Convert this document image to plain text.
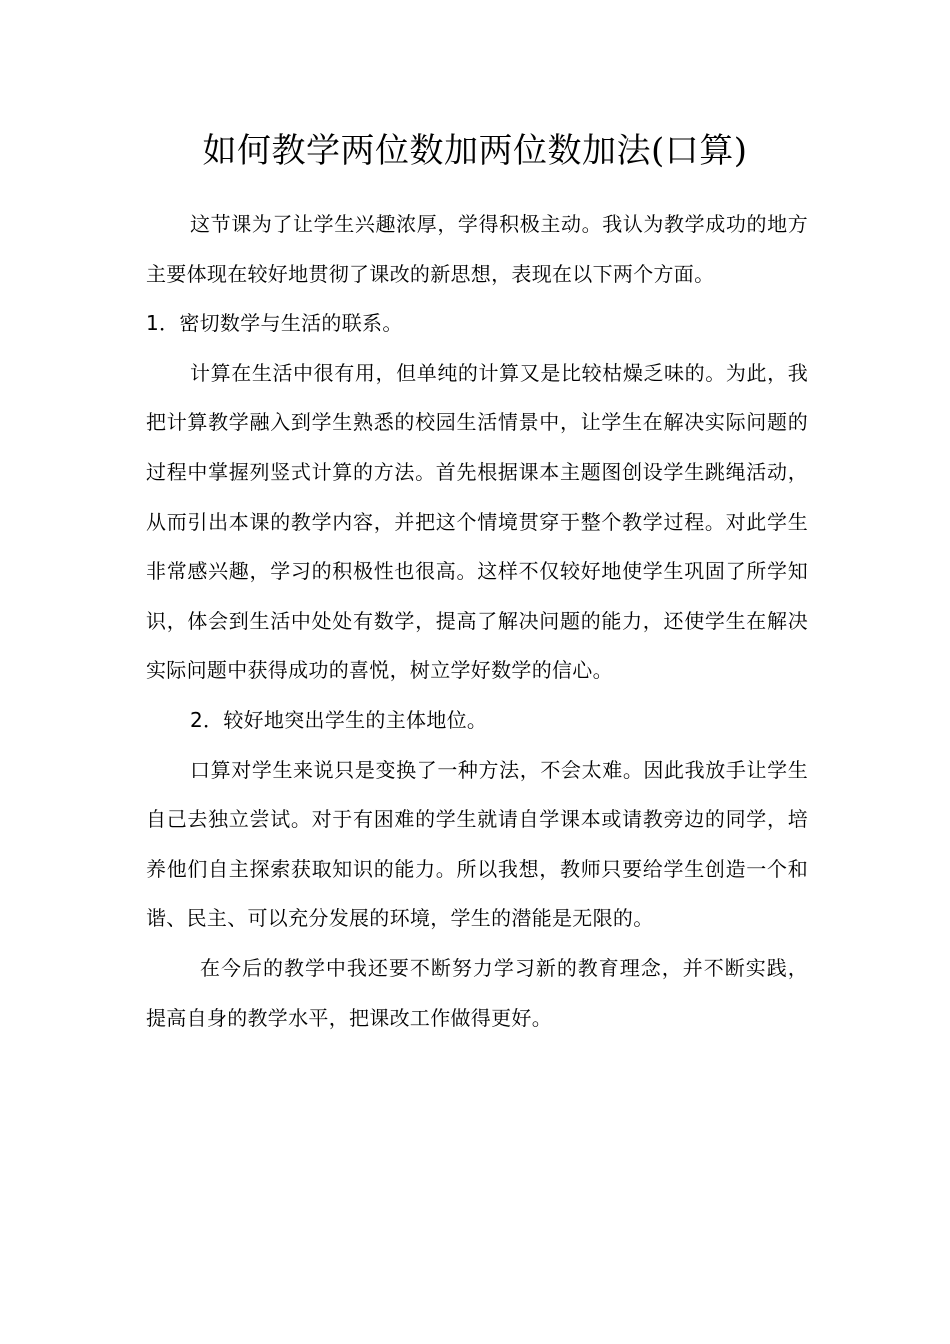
如何教学两位数加两位数加法(口算)

这节课为了让学生兴趣浓厚，学得积极主动。我认为教学成功的地方主要体现在较好地贯彻了课改的新思想，表现在以下两个方面。

1．密切数学与生活的联系。

计算在生活中很有用，但单纯的计算又是比较枯燥乏味的。为此，我把计算教学融入到学生熟悉的校园生活情景中，让学生在解决实际问题的过程中掌握列竖式计算的方法。首先根据课本主题图创设学生跳绳活动，从而引出本课的教学内容，并把这个情境贯穿于整个教学过程。对此学生非常感兴趣，学习的积极性也很高。这样不仅较好地使学生巩固了所学知识，体会到生活中处处有数学，提高了解决问题的能力，还使学生在解决实际问题中获得成功的喜悦，树立学好数学的信心。

2．较好地突出学生的主体地位。

口算对学生来说只是变换了一种方法，不会太难。因此我放手让学生自己去独立尝试。对于有困难的学生就请自学课本或请教旁边的同学，培养他们自主探索获取知识的能力。所以我想，教师只要给学生创造一个和谐、民主、可以充分发展的环境，学生的潜能是无限的。

在今后的教学中我还要不断努力学习新的教育理念，并不断实践，提高自身的教学水平，把课改工作做得更好。
